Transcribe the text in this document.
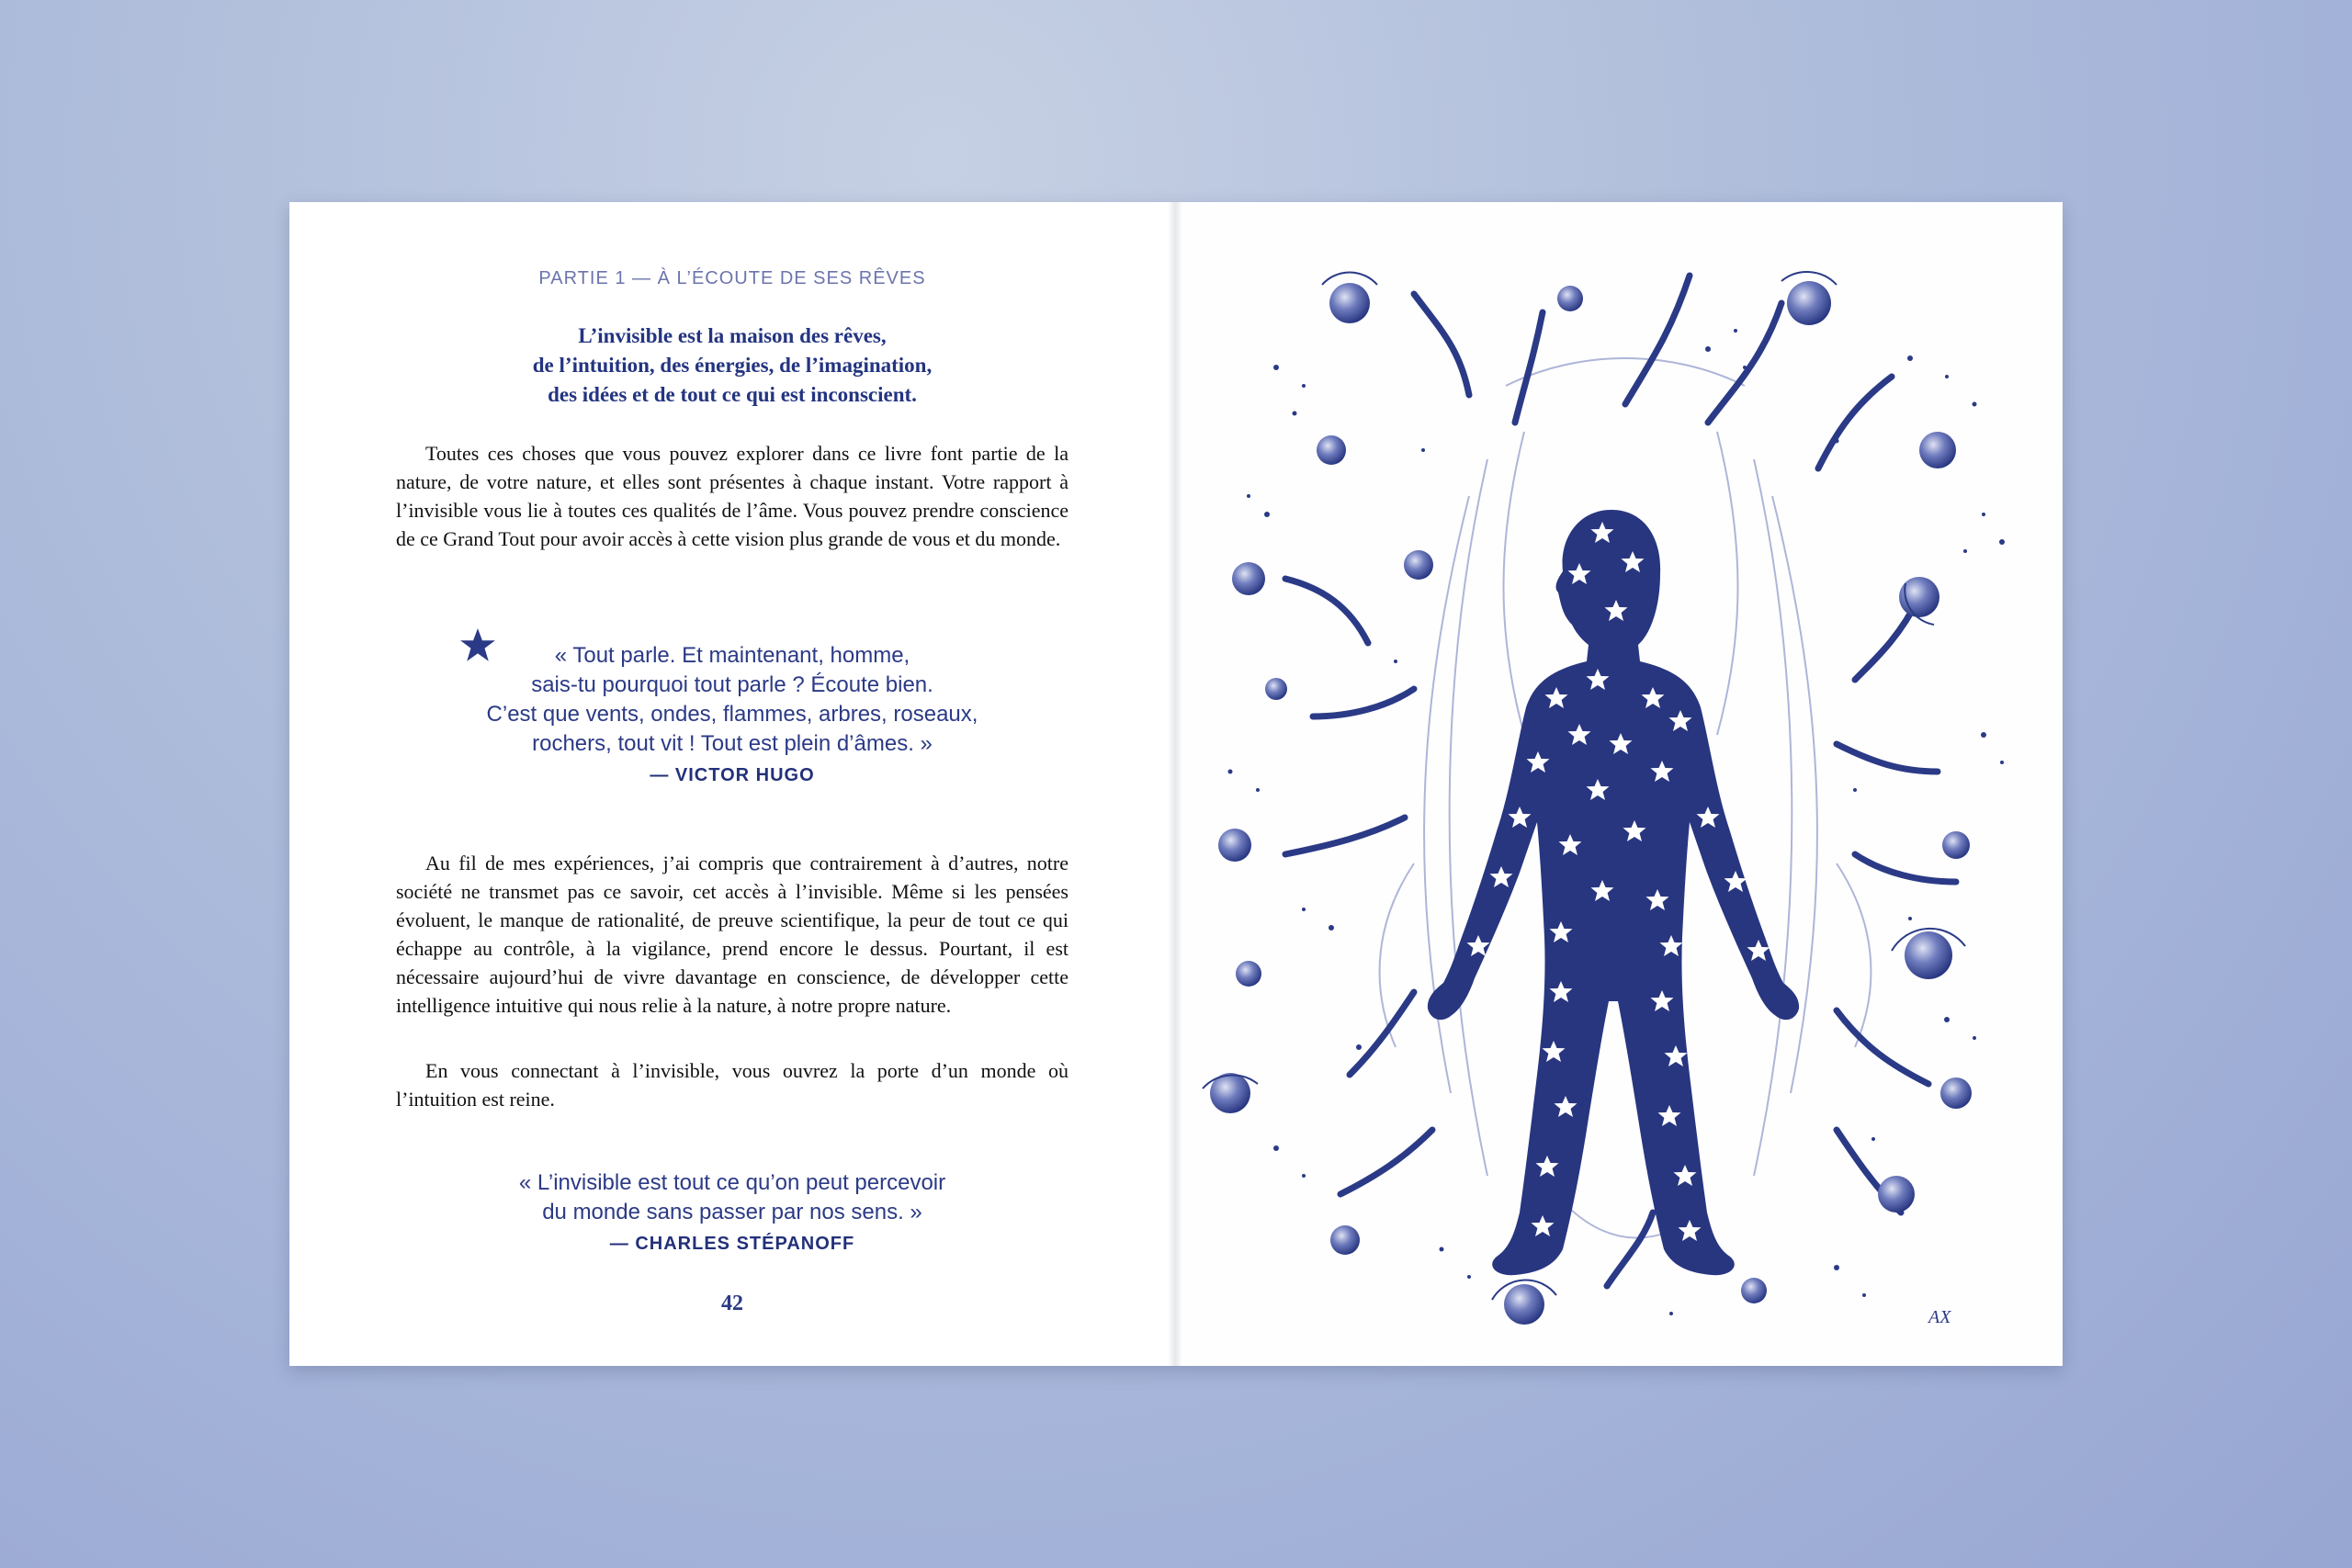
PARTIE 1 — À L’ÉCOUTE DE SES RÊVES
L’invisible est la maison des rêves,
de l’intuition, des énergies, de l’imagination,
des idées et de tout ce qui est inconscient.
Toutes ces choses que vous pouvez explorer dans ce livre font partie de la nature, de votre nature, et elles sont présentes à chaque instant. Votre rapport à l’invisible vous lie à toutes ces qualités de l’âme. Vous pouvez prendre conscience de ce Grand Tout pour avoir accès à cette vision plus grande de vous et du monde.
« Tout parle. Et maintenant, homme,
sais-tu pourquoi tout parle ? Écoute bien.
C’est que vents, ondes, flammes, arbres, roseaux,
rochers, tout vit ! Tout est plein d’âmes. »
— VICTOR HUGO
Au fil de mes expériences, j’ai compris que contrairement à d’autres, notre société ne transmet pas ce savoir, cet accès à l’invisible. Même si les pensées évoluent, le manque de rationalité, de preuve scientifique, la peur de tout ce qui échappe au contrôle, à la vigilance, prend encore le dessus. Pourtant, il est nécessaire aujourd’hui de vivre davantage en conscience, de développer cette intelligence intuitive qui nous relie à la nature, à notre propre nature.
En vous connectant à l’invisible, vous ouvrez la porte d’un monde où l’intuition est reine.
« L’invisible est tout ce qu’on peut percevoir
du monde sans passer par nos sens. »
— CHARLES STÉPANOFF
42
AX
